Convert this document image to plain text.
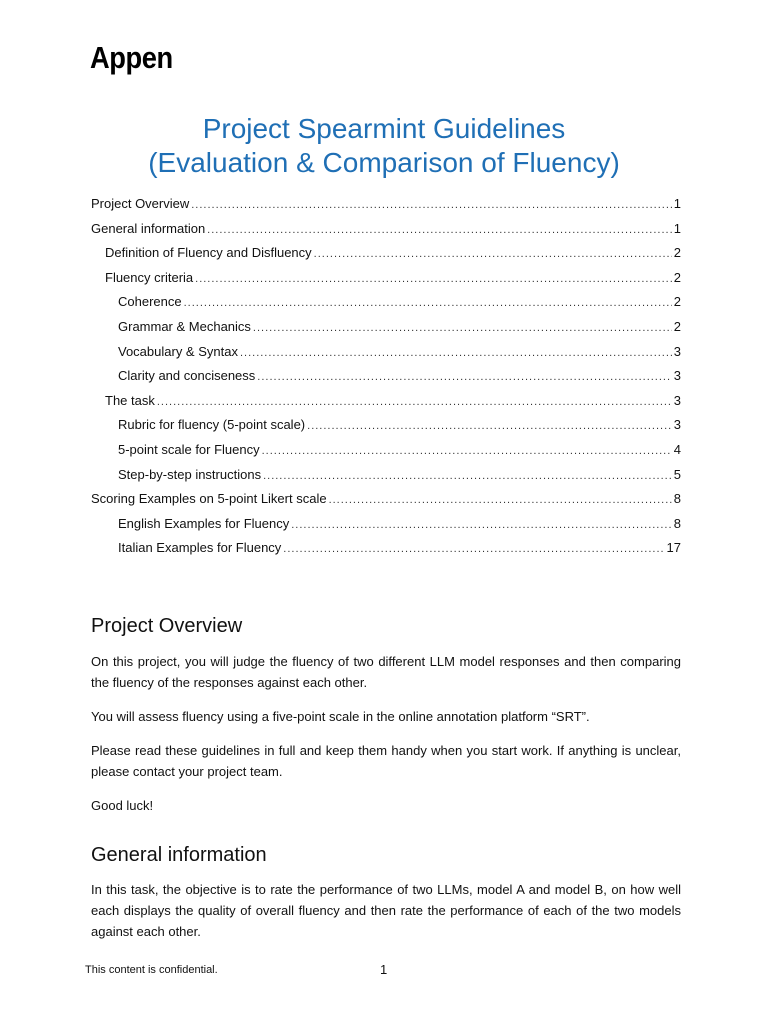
Appen
Project Spearmint Guidelines
(Evaluation & Comparison of Fluency)
Project Overview .....	1
General information .....	1
Definition of Fluency and Disfluency .....	2
Fluency criteria .....	2
Coherence .....	2
Grammar & Mechanics .....	2
Vocabulary & Syntax .....	3
Clarity and conciseness .....	3
The task .....	3
Rubric for fluency (5-point scale) .....	3
5-point scale for Fluency .....	4
Step-by-step instructions .....	5
Scoring Examples on 5-point Likert scale .....	8
English Examples for Fluency .....	8
Italian Examples for Fluency .....	17
Project Overview
On this project, you will judge the fluency of two different LLM model responses and then comparing the fluency of the responses against each other.
You will assess fluency using a five-point scale in the online annotation platform “SRT”.
Please read these guidelines in full and keep them handy when you start work. If anything is unclear, please contact your project team.
Good luck!
General information
In this task, the objective is to rate the performance of two LLMs, model A and model B, on how well each displays the quality of overall fluency and then rate the performance of each of the two models against each other.
This content is confidential.	1
